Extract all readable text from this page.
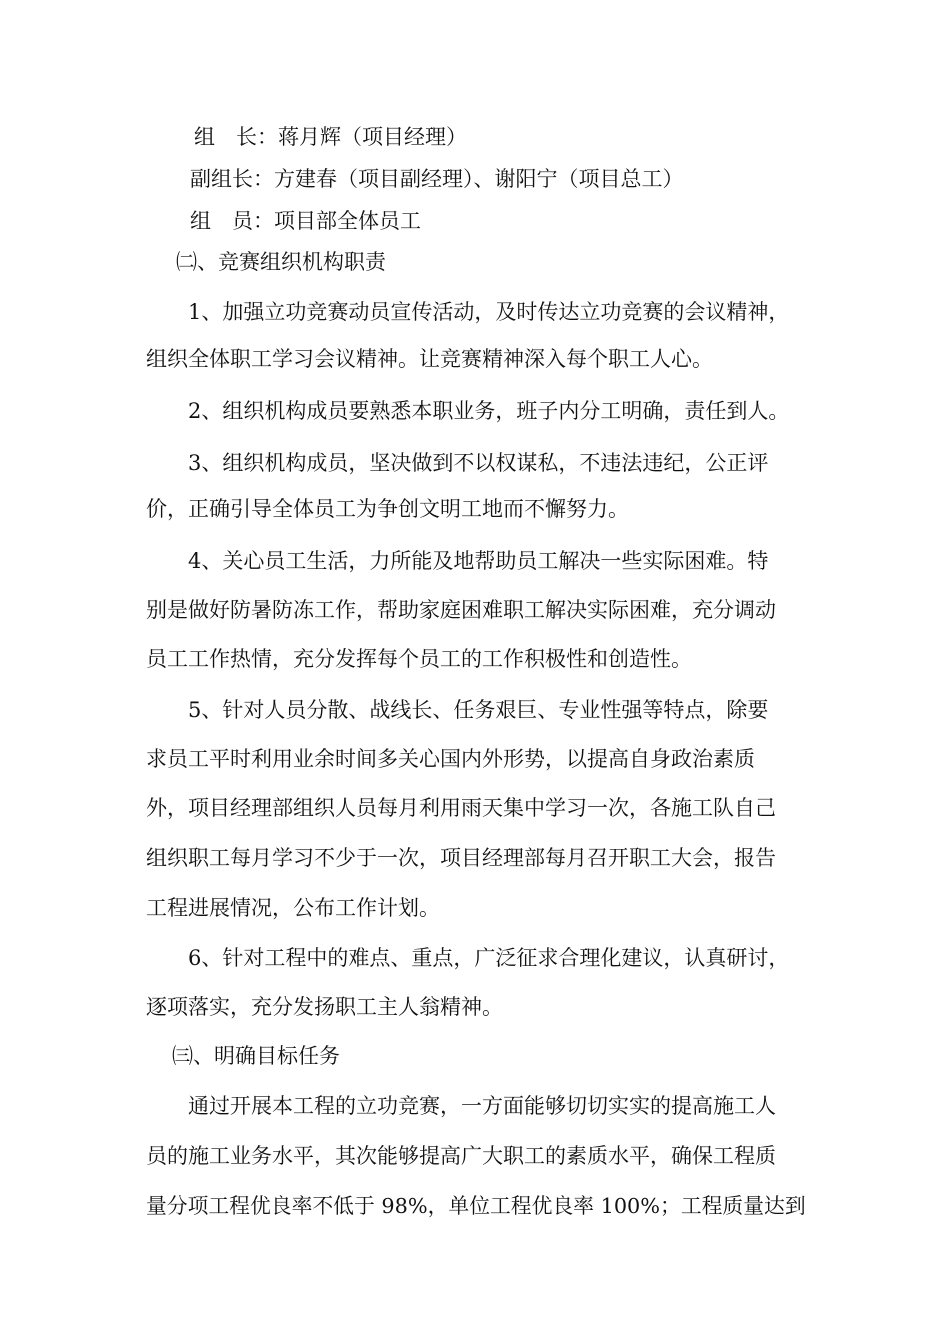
组　长：蒋月辉（项目经理）
副组长：方建春（项目副经理）、谢阳宁（项目总工）
组　员：项目部全体员工
㈡、竞赛组织机构职责
1、加强立功竞赛动员宣传活动，及时传达立功竞赛的会议精神，
组织全体职工学习会议精神。让竞赛精神深入每个职工人心。
2、组织机构成员要熟悉本职业务，班子内分工明确，责任到人。
3、组织机构成员，坚决做到不以权谋私，不违法违纪，公正评
价，正确引导全体员工为争创文明工地而不懈努力。
4、关心员工生活，力所能及地帮助员工解决一些实际困难。特
别是做好防暑防冻工作，帮助家庭困难职工解决实际困难，充分调动
员工工作热情，充分发挥每个员工的工作积极性和创造性。
5、针对人员分散、战线长、任务艰巨、专业性强等特点，除要
求员工平时利用业余时间多关心国内外形势，以提高自身政治素质
外，项目经理部组织人员每月利用雨天集中学习一次，各施工队自己
组织职工每月学习不少于一次，项目经理部每月召开职工大会，报告
工程进展情况，公布工作计划。
6、针对工程中的难点、重点，广泛征求合理化建议，认真研讨，
逐项落实，充分发扬职工主人翁精神。
㈢、明确目标任务
通过开展本工程的立功竞赛，一方面能够切切实实的提高施工人
员的施工业务水平，其次能够提高广大职工的素质水平，确保工程质
量分项工程优良率不低于 98%，单位工程优良率 100%；工程质量达到
